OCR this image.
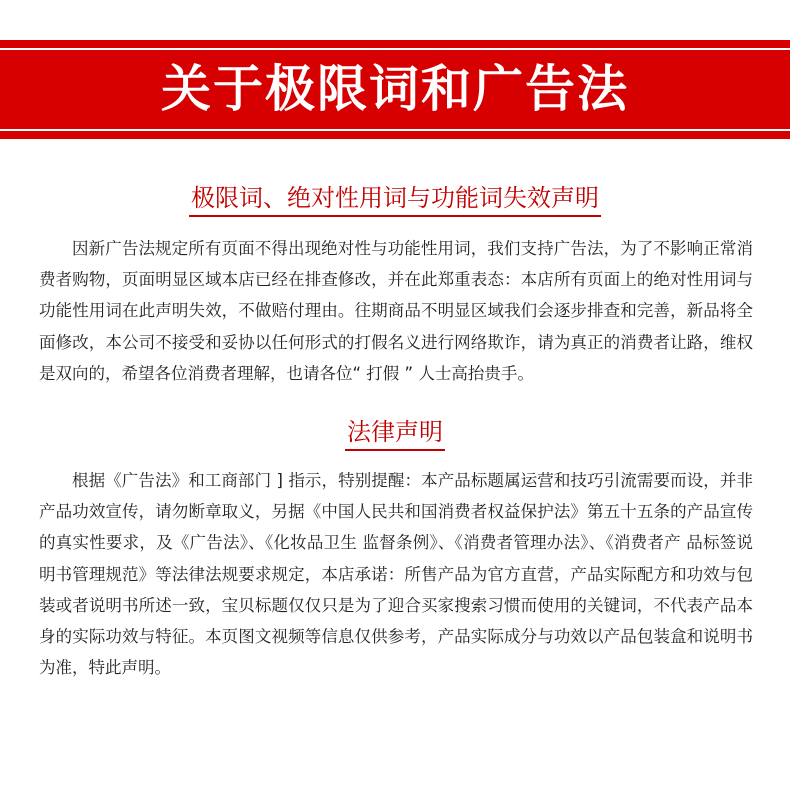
关于极限词和广告法
极限词、绝对性用词与功能词失效声明

因新广告法规定所有页面不得出现绝对性与功能性用词，我们支持广告法，为了不影响正常消费者购物，页面明显区域本店已经在排查修改，并在此郑重表态：本店所有页面上的绝对性用词与功能性用词在此声明失效，不做赔付理由。往期商品不明显区域我们会逐步排查和完善，新品将全面修改，本公司不接受和妥协以任何形式的打假名义进行网络欺诈，请为真正的消费者让路，维权是双向的，希望各位消费者理解，也请各位“ 打假 ” 人士高抬贵手。

法律声明

根据《广告法》和工商部门 ] 指示，特别提醒：本产品标题属运营和技巧引流需要而设，并非产品功效宣传，请勿断章取义，另据《中国人民共和国消费者权益保护法》第五十五条的产品宣传的真实性要求，及《广告法》、《化妆品卫生 监督条例》、《消费者管理办法》、《消费者产 品标签说明书管理规范》等法律法规要求规定，本店承诺：所售产品为官方直营，产品实际配方和功效与包装或者说明书所述一致，宝贝标题仅仅只是为了迎合买家搜索习惯而使用的关键词，不代表产品本身的实际功效与特征。本页图文视频等信息仅供参考，产品实际成分与功效以产品包装盒和说明书为准，特此声明。
